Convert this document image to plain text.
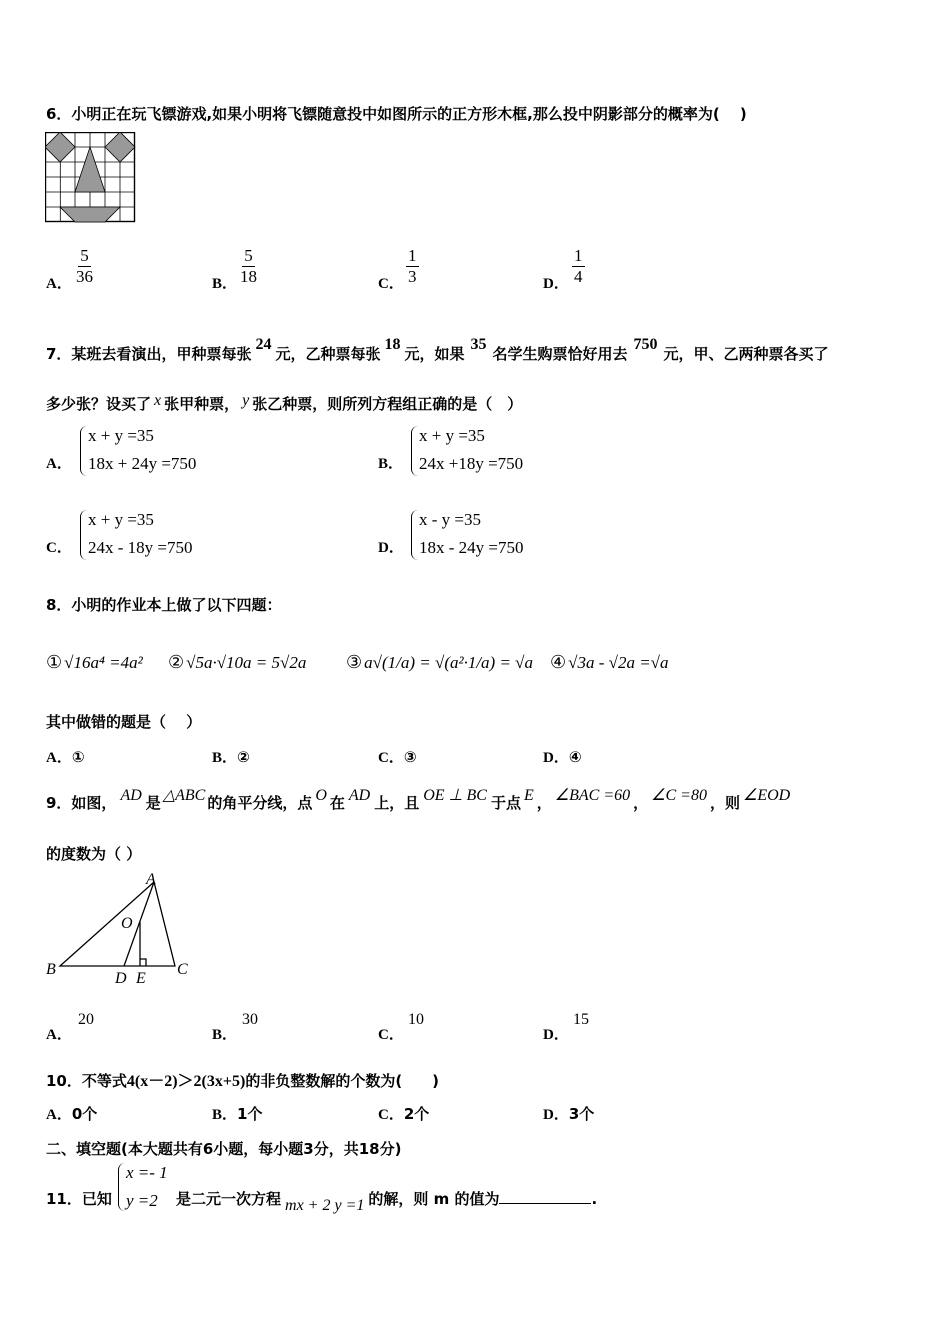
6．小明正在玩飞镖游戏,如果小明将飞镖随意投中如图所示的正方形木框,那么投中阴影部分的概率为(　 )
A． $\frac{5}{36}$	B． $\frac{5}{18}$	C． $\frac{1}{3}$	D． $\frac{1}{4}$
7．某班去看演出，甲种票每张24元，乙种票每张18元，如果35名学生购票恰好用去750元，甲、乙两种票各买了
多少张？设买了 x 张甲种票， y 张乙种票，则所列方程组正确的是（　）
A．
x + y =35
18x + 24y =750	B．
x + y =35
24x +18y =750
C．
x + y =35
24x - 18y =750	D．
x - y =35
18x - 24y =750
8．小明的作业本上做了以下四题：
① √16a⁴ =4a² ② √5a·√10a = 5√2a ③ a√(1/a) = √(a²·1/a) = √a ④ √3a - √2a =√a
其中做错的题是（　 ）
A．①	B．②	C．③	D．④
9．如图， AD 是 △ABC 的角平分线，点 O 在 AD 上，且 OE ⊥ BC 于点 E ， ∠BAC =60 ， ∠C =80 ，则 ∠EOD
的度数为（ ）
A
B	C
D E
O
A．
20
B．
30
C．
10
D．
15
10．不等式4(x－2)＞2(3x+5)的非负整数解的个数为(　　)
A．0个	B．1个	C．2个	D．3个
二、填空题(本大题共有6小题，每小题3分，共18分)
11．已知
x =- 1
y =2 是二元一次方程 mx + 2 y =1 的解，则 m 的值为	.
